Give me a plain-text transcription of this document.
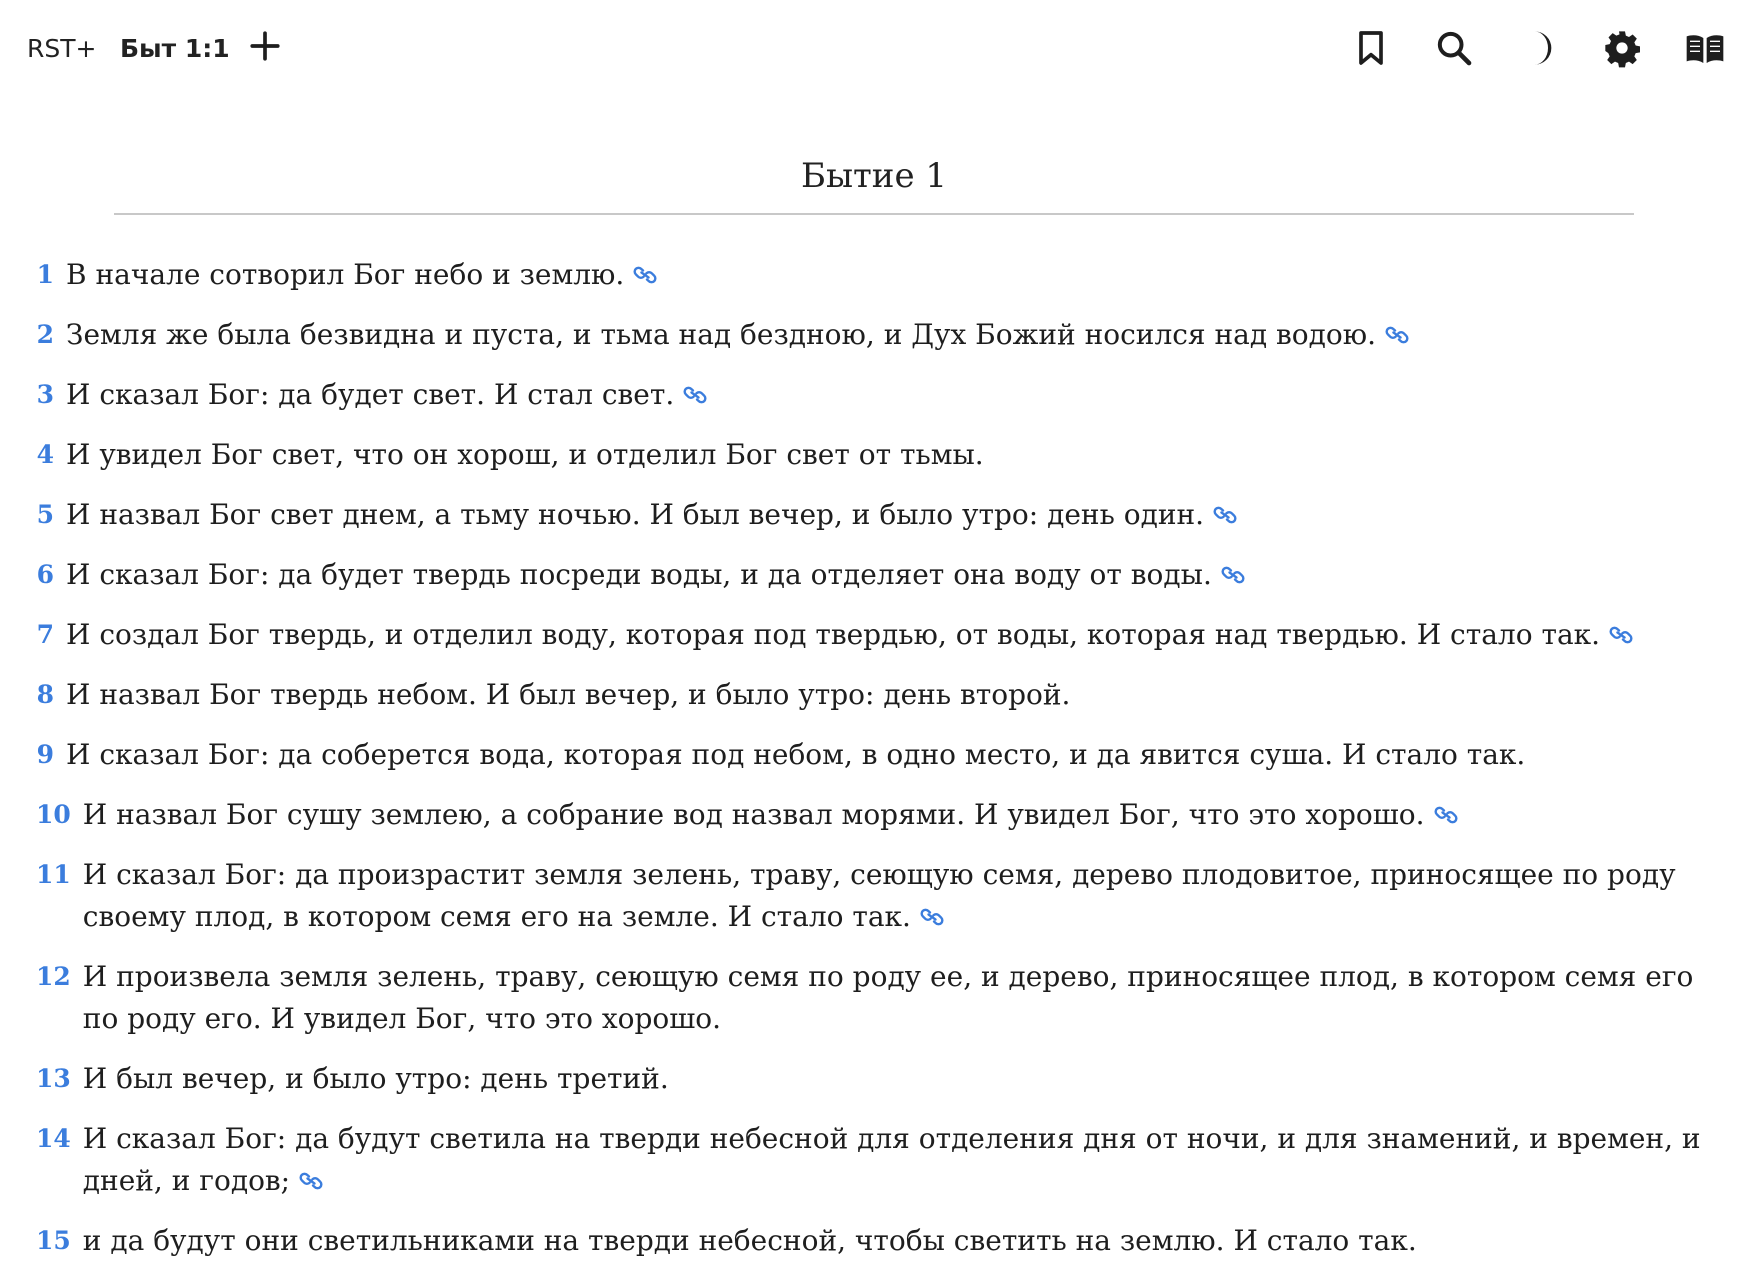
RST+ Быт 1:1
Бытие 1
1 В начале сотворил Бог небо и землю.
2 Земля же была безвидна и пуста, и тьма над бездною, и Дух Божий носился над водою.
3 И сказал Бог: да будет свет. И стал свет.
4 И увидел Бог свет, что он хорош, и отделил Бог свет от тьмы.
5 И назвал Бог свет днем, а тьму ночью. И был вечер, и было утро: день один.
6 И сказал Бог: да будет твердь посреди воды, и да отделяет она воду от воды.
7 И создал Бог твердь, и отделил воду, которая под твердью, от воды, которая над твердью. И стало так.
8 И назвал Бог твердь небом. И был вечер, и было утро: день второй.
9 И сказал Бог: да соберется вода, которая под небом, в одно место, и да явится суша. И стало так.
10 И назвал Бог сушу землею, а собрание вод назвал морями. И увидел Бог, что это хорошо.
11 И сказал Бог: да произрастит земля зелень, траву, сеющую семя, дерево плодовитое, приносящее по роду своему плод, в котором семя его на земле. И стало так.
12 И произвела земля зелень, траву, сеющую семя по роду ее, и дерево, приносящее плод, в котором семя его по роду его. И увидел Бог, что это хорошо.
13 И был вечер, и было утро: день третий.
14 И сказал Бог: да будут светила на тверди небесной для отделения дня от ночи, и для знамений, и времен, и дней, и годов;
15 и да будут они светильниками на тверди небесной, чтобы светить на землю. И стало так.
